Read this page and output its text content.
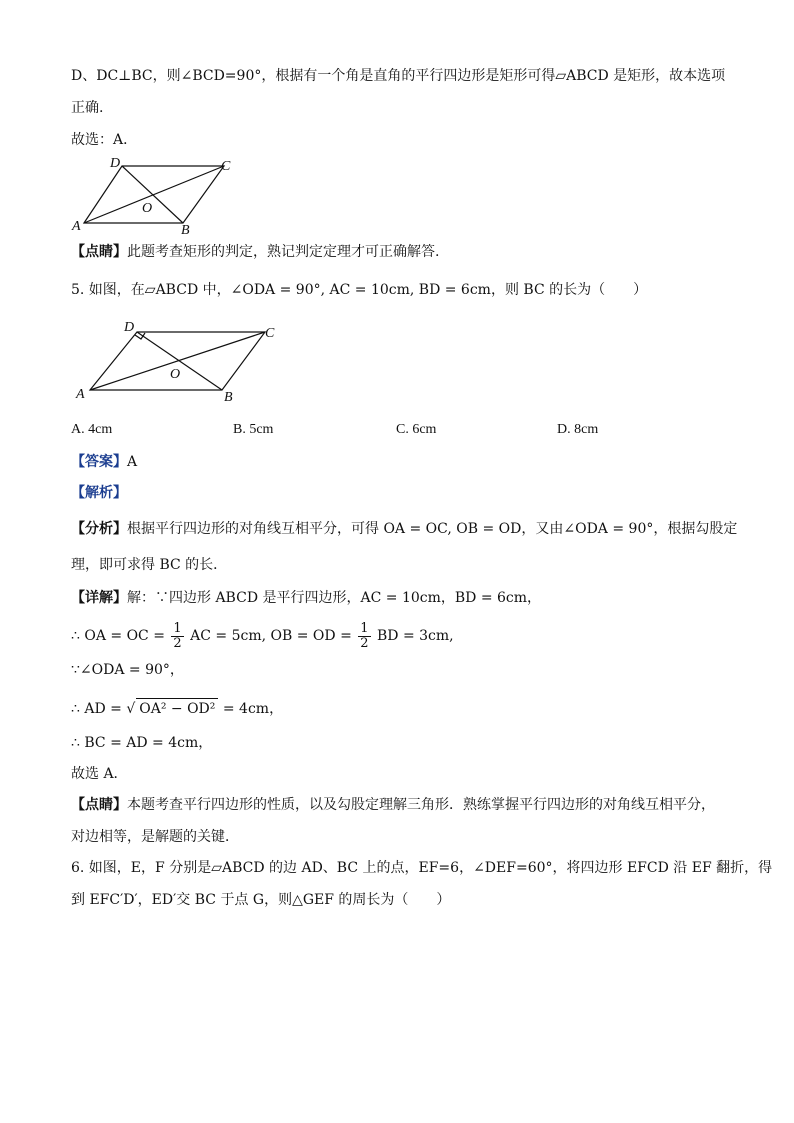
D、DC⊥BC，则∠BCD=90°，根据有一个角是直角的平行四边形是矩形可得▱ABCD 是矩形，故本选项
正确.
故选：A．
A	B
C
D
O
【点睛】此题考查矩形的判定，熟记判定定理才可正确解答.
5. 如图，在▱ABCD 中，∠ODA = 90°, AC = 10cm, BD = 6cm，则 BC 的长为（　　）
A	B
C
D
O
A. 4cm	B. 5cm	C. 6cm	D. 8cm
【答案】A
【解析】
【分析】根据平行四边形的对角线互相平分，可得 OA = OC, OB = OD，又由∠ODA = 90°，根据勾股定
理，即可求得 BC 的长．
【详解】解：∵四边形 ABCD 是平行四边形，AC = 10cm，BD = 6cm，
∴ OA = OC = $\frac{1}{2}$ AC = 5cm, OB = OD = $\frac{1}{2}$ BD = 3cm,
∵∠ODA = 90°，
∴ AD = √ OA² − OD² = 4cm，
∴ BC = AD = 4cm，
故选 A．
【点睛】本题考查平行四边形的性质，以及勾股定理解三角形．熟练掌握平行四边形的对角线互相平分，
对边相等，是解题的关键．
6. 如图，E，F 分别是▱ABCD 的边 AD、BC 上的点，EF=6，∠DEF=60°，将四边形 EFCD 沿 EF 翻折，得
到 EFC′D′，ED′交 BC 于点 G，则△GEF 的周长为（　　）
